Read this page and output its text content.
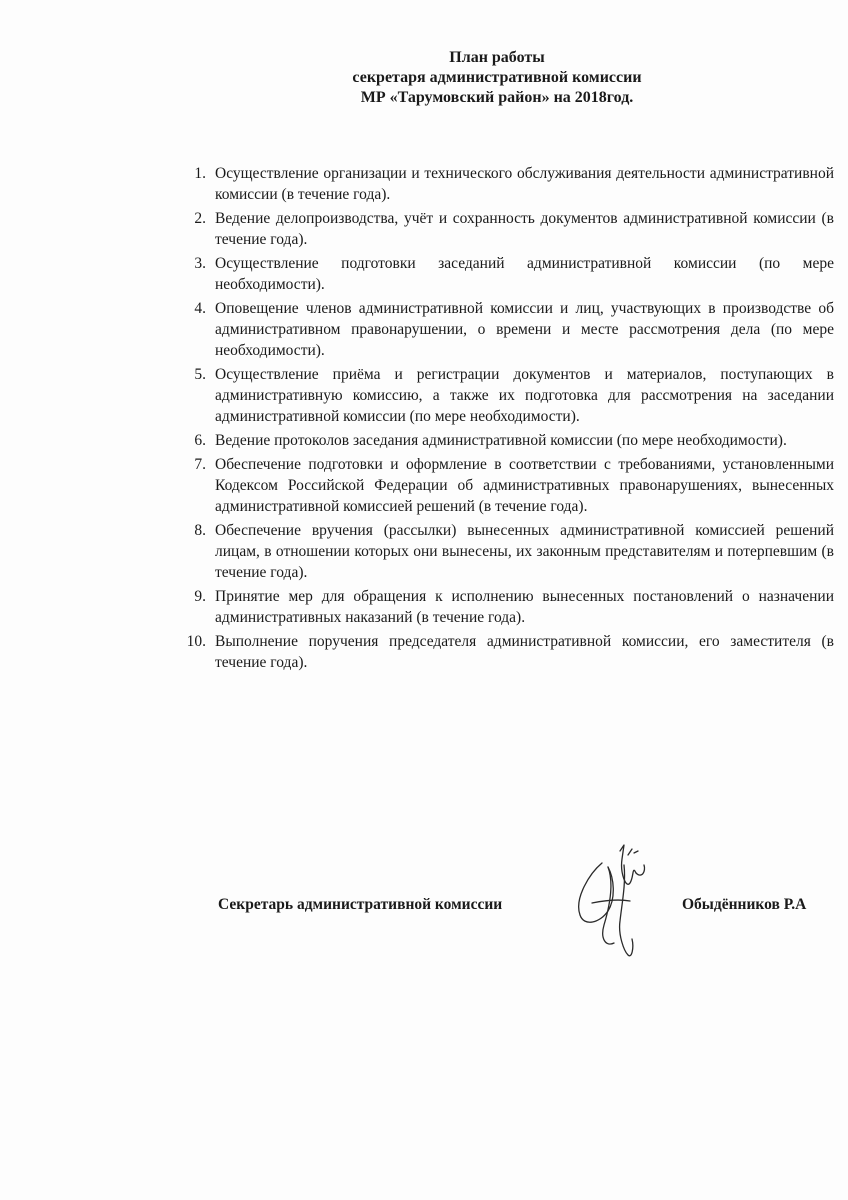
План работы
секретаря административной комиссии
МР «Тарумовский район» на 2018год.
1. Осуществление организации и технического обслуживания деятельности административной комиссии (в течение года).
2. Ведение делопроизводства, учёт и сохранность документов административной комиссии (в течение года).
3. Осуществление подготовки заседаний административной комиссии (по мере необходимости).
4. Оповещение членов административной комиссии и лиц, участвующих в производстве об административном правонарушении, о времени и месте рассмотрения дела (по мере необходимости).
5. Осуществление приёма и регистрации документов и материалов, поступающих в административную комиссию, а также их подготовка для рассмотрения на заседании административной комиссии (по мере необходимости).
6. Ведение протоколов заседания административной комиссии (по мере необходимости).
7. Обеспечение подготовки и оформление в соответствии с требованиями, установленными Кодексом Российской Федерации об административных правонарушениях, вынесенных административной комиссией решений (в течение года).
8. Обеспечение вручения (рассылки) вынесенных административной комиссией решений лицам, в отношении которых они вынесены, их законным представителям и потерпевшим (в течение года).
9. Принятие мер для обращения к исполнению вынесенных постановлений о назначении административных наказаний (в течение года).
10. Выполнение поручения председателя административной комиссии, его заместителя (в течение года).
Секретарь административной комиссии	Обыдёнников Р.А
